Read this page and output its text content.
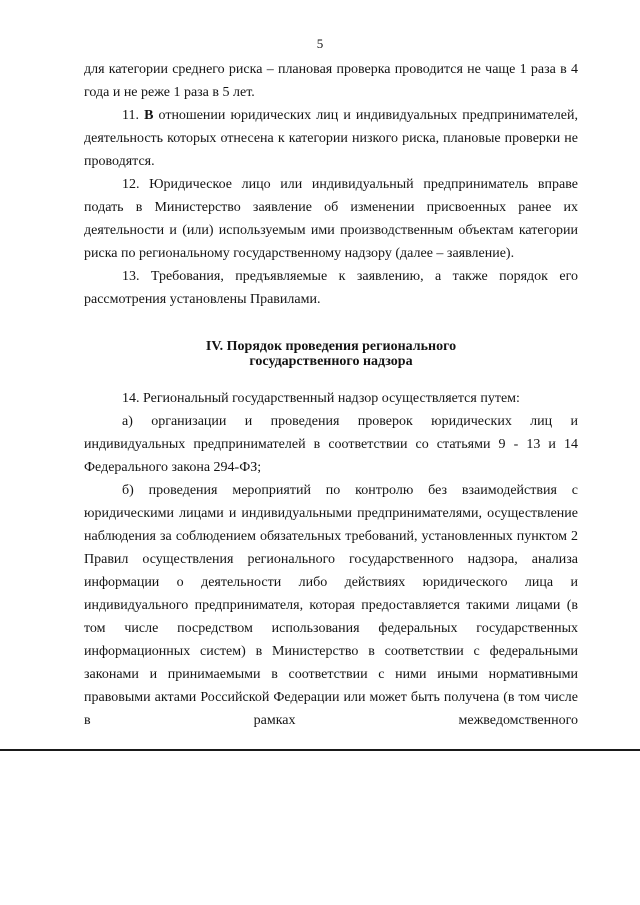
5

для категории среднего риска – плановая проверка проводится не чаще 1 раза в 4 года и не реже 1 раза в 5 лет.

11. В отношении юридических лиц и индивидуальных предпринимателей, деятельность которых отнесена к категории низкого риска, плановые проверки не проводятся.

12. Юридическое лицо или индивидуальный предприниматель вправе подать в Министерство заявление об изменении присвоенных ранее их деятельности и (или) используемым ими производственным объектам категории риска по региональному государственному надзору (далее – заявление).

13. Требования, предъявляемые к заявлению, а также порядок его рассмотрения установлены Правилами.

IV. Порядок проведения регионального
государственного надзора

14. Региональный государственный надзор осуществляется путем:

а) организации и проведения проверок юридических лиц и индивидуальных предпринимателей в соответствии со статьями 9 - 13 и 14 Федерального закона 294-ФЗ;

б) проведения мероприятий по контролю без взаимодействия с юридическими лицами и индивидуальными предпринимателями, осуществление наблюдения за соблюдением обязательных требований, установленных пунктом 2 Правил осуществления регионального государственного надзора, анализа информации о деятельности либо действиях юридического лица и индивидуального предпринимателя, которая предоставляется такими лицами (в том числе посредством использования федеральных государственных информационных систем) в Министерство в соответствии с федеральными законами и принимаемыми в соответствии с ними иными нормативными правовыми актами Российской Федерации или может быть получена (в том числе в рамках межведомственного
